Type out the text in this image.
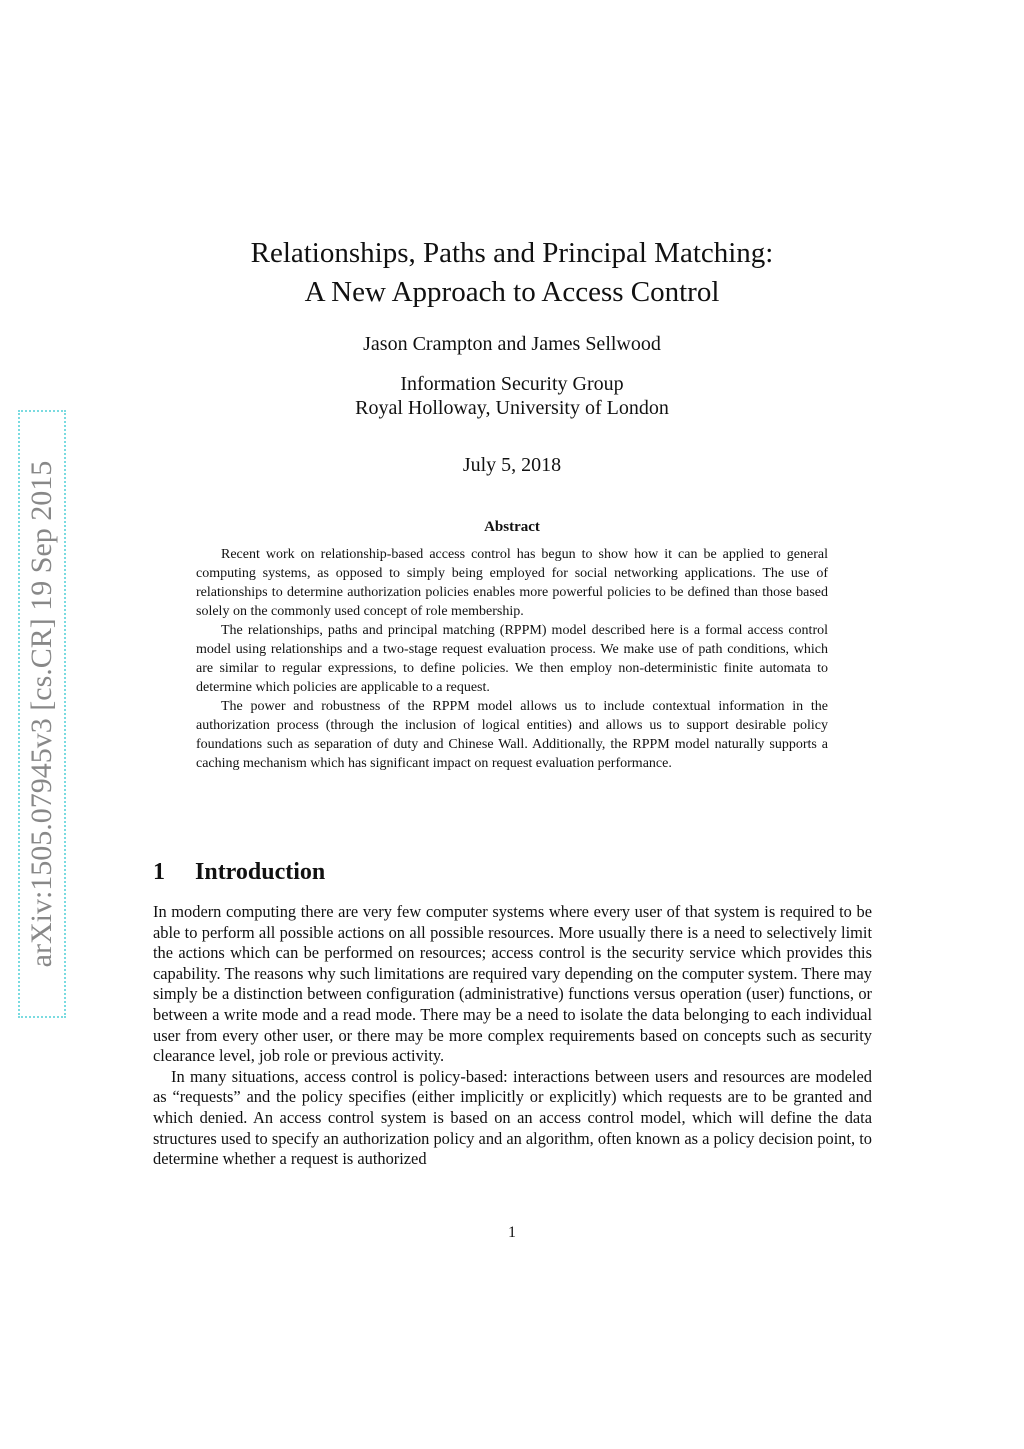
arXiv:1505.07945v3 [cs.CR] 19 Sep 2015
Relationships, Paths and Principal Matching:
A New Approach to Access Control
Jason Crampton and James Sellwood
Information Security Group
Royal Holloway, University of London
July 5, 2018
Abstract

Recent work on relationship-based access control has begun to show how it can be applied to general computing systems, as opposed to simply being employed for social networking applications. The use of relationships to determine authorization policies enables more powerful policies to be defined than those based solely on the commonly used concept of role membership.

The relationships, paths and principal matching (RPPM) model described here is a formal access control model using relationships and a two-stage request evaluation process. We make use of path conditions, which are similar to regular expressions, to define policies. We then employ non-deterministic finite automata to determine which policies are applicable to a request.

The power and robustness of the RPPM model allows us to include contextual information in the authorization process (through the inclusion of logical entities) and allows us to support desirable policy foundations such as separation of duty and Chinese Wall. Additionally, the RPPM model naturally supports a caching mechanism which has significant impact on request evaluation performance.

1 Introduction

In modern computing there are very few computer systems where every user of that system is required to be able to perform all possible actions on all possible resources. More usually there is a need to selectively limit the actions which can be performed on resources; access control is the security service which provides this capability. The reasons why such limitations are required vary depending on the computer system. There may simply be a distinction between configuration (administrative) functions versus operation (user) functions, or between a write mode and a read mode. There may be a need to isolate the data belonging to each individual user from every other user, or there may be more complex requirements based on concepts such as security clearance level, job role or previous activity.

In many situations, access control is policy-based: interactions between users and resources are modeled as “requests” and the policy specifies (either implicitly or explicitly) which requests are to be granted and which denied. An access control system is based on an access control model, which will define the data structures used to specify an authorization policy and an algorithm, often known as a policy decision point, to determine whether a request is authorized

1
